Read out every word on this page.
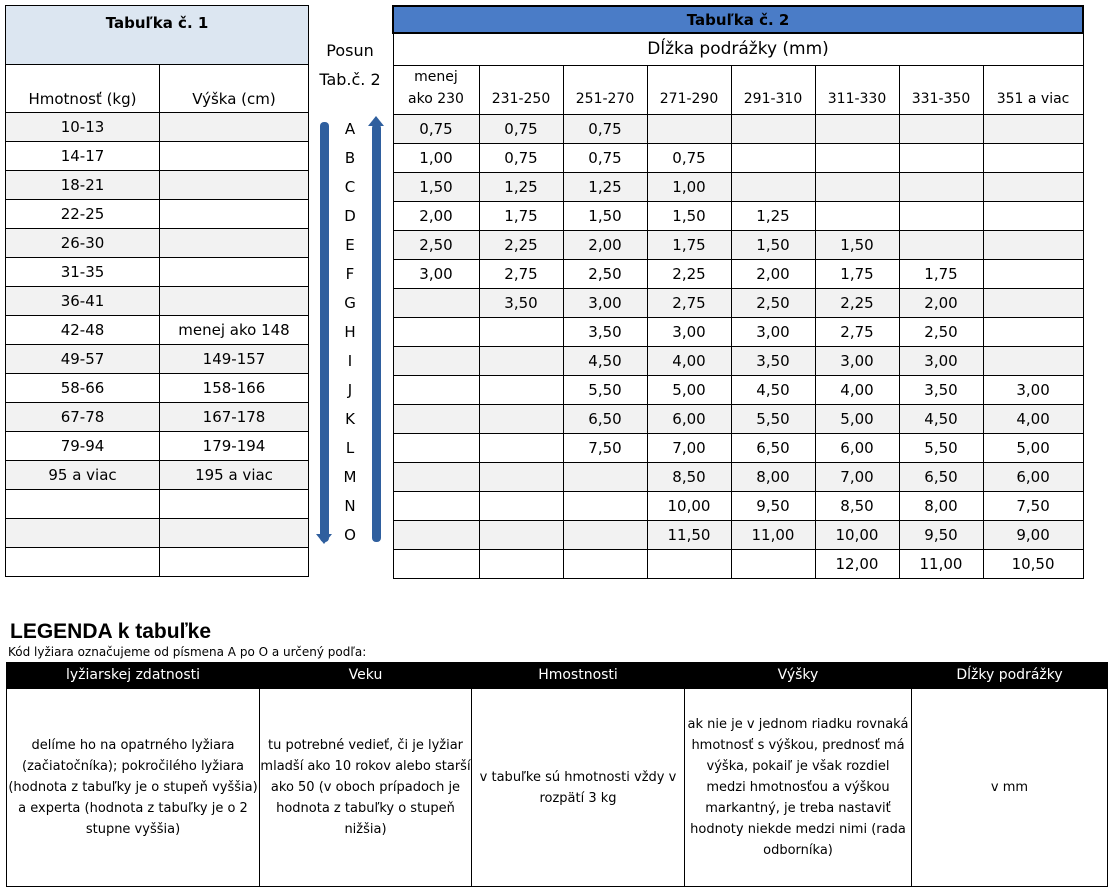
Tabuľka č. 1	
Hmotnosť (kg)	Výška (cm)
10-13	
14-17	
18-21	
22-25	
26-30	
31-35	
36-41	
42-48	menej ako 148
49-57	149-157
58-66	158-166
67-78	167-178
79-94	179-194
95 a viac	195 a viac

Posun
Tab.č. 2
A
B
C
D
E
F
G
H
I
J
K
L
M
N
O
Tabuľka č. 2							
Dĺžka podrážky (mm)							
menej
ako 230	231-250	251-270	271-290	291-310	311-330	331-350	351 a viac
0,75	0,75	0,75					
1,00	0,75	0,75	0,75				
1,50	1,25	1,25	1,00				
2,00	1,75	1,50	1,50	1,25			
2,50	2,25	2,00	1,75	1,50	1,50		
3,00	2,75	2,50	2,25	2,00	1,75	1,75	
	3,50	3,00	2,75	2,50	2,25	2,00	
		3,50	3,00	3,00	2,75	2,50	
		4,50	4,00	3,50	3,00	3,00	
		5,50	5,00	4,50	4,00	3,50	3,00
		6,50	6,00	5,50	5,00	4,50	4,00
		7,50	7,00	6,50	6,00	5,50	5,00
			8,50	8,00	7,00	6,50	6,00
			10,00	9,50	8,50	8,00	7,50
			11,50	11,00	10,00	9,50	9,00
					12,00	11,00	10,50
LEGENDA k tabuľke
Kód lyžiara označujeme od písmena A po O a určený podľa:
lyžiarskej zdatnosti	Veku	Hmostnosti	Výšky	Dĺžky podrážky
delíme ho na opatrného lyžiara (začiatočníka); pokročilého lyžiara (hodnota z tabuľky je o stupeň vyššia) a experta (hodnota z tabuľky je o 2 stupne vyššia)	tu potrebné vedieť, či je lyžiar mladší ako 10 rokov alebo starší ako 50 (v oboch prípadoch je hodnota z tabuľky o stupeň nižšia)	v tabuľke sú hmotnosti vždy v rozpätí 3 kg	ak nie je v jednom riadku rovnaká hmotnosť s výškou, prednosť má výška, pokaiľ je však rozdiel medzi hmotnosťou a výškou markantný, je treba nastaviť hodnoty niekde medzi nimi (rada odborníka)	v mm
